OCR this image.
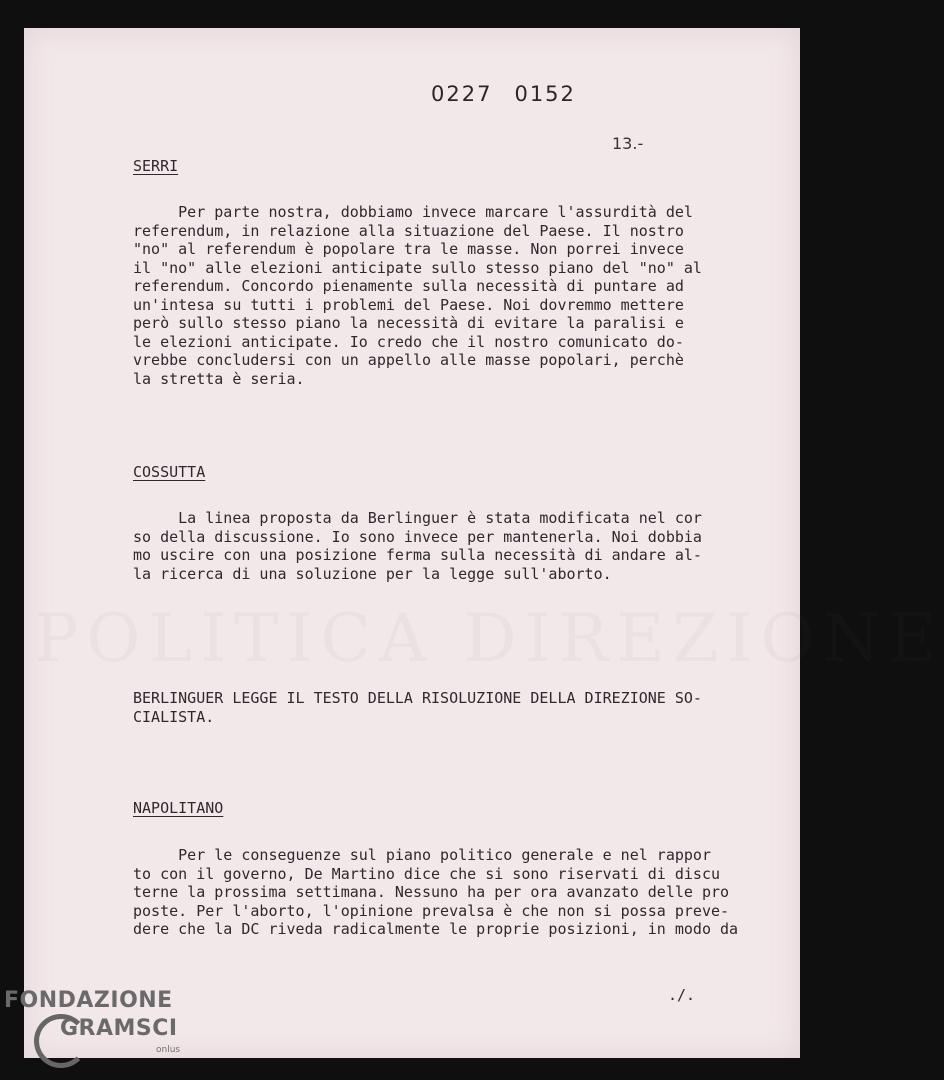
POLITICA DIREZIONE
0227 0152
13.-
SERRI
Per parte nostra, dobbiamo invece marcare l'assurdità del
referendum, in relazione alla situazione del Paese. Il nostro
"no" al referendum è popolare tra le masse. Non porrei invece
il "no" alle elezioni anticipate sullo stesso piano del "no" al
referendum. Concordo pienamente sulla necessità di puntare ad
un'intesa su tutti i problemi del Paese. Noi dovremmo mettere
però sullo stesso piano la necessità di evitare la paralisi e
le elezioni anticipate. Io credo che il nostro comunicato do-
vrebbe concludersi con un appello alle masse popolari, perchè
la stretta è seria.
COSSUTTA
La linea proposta da Berlinguer è stata modificata nel cor
so della discussione. Io sono invece per mantenerla. Noi dobbia
mo uscire con una posizione ferma sulla necessità di andare al-
la ricerca di una soluzione per la legge sull'aborto.
BERLINGUER LEGGE IL TESTO DELLA RISOLUZIONE DELLA DIREZIONE SO-
CIALISTA.
NAPOLITANO
Per le conseguenze sul piano politico generale e nel rappor
to con il governo, De Martino dice che si sono riservati di discu
terne la prossima settimana. Nessuno ha per ora avanzato delle pro
poste. Per l'aborto, l'opinione prevalsa è che non si possa preve-
dere che la DC riveda radicalmente le proprie posizioni, in modo da
./.
FONDAZIONE
GRAMSCI
onlus
